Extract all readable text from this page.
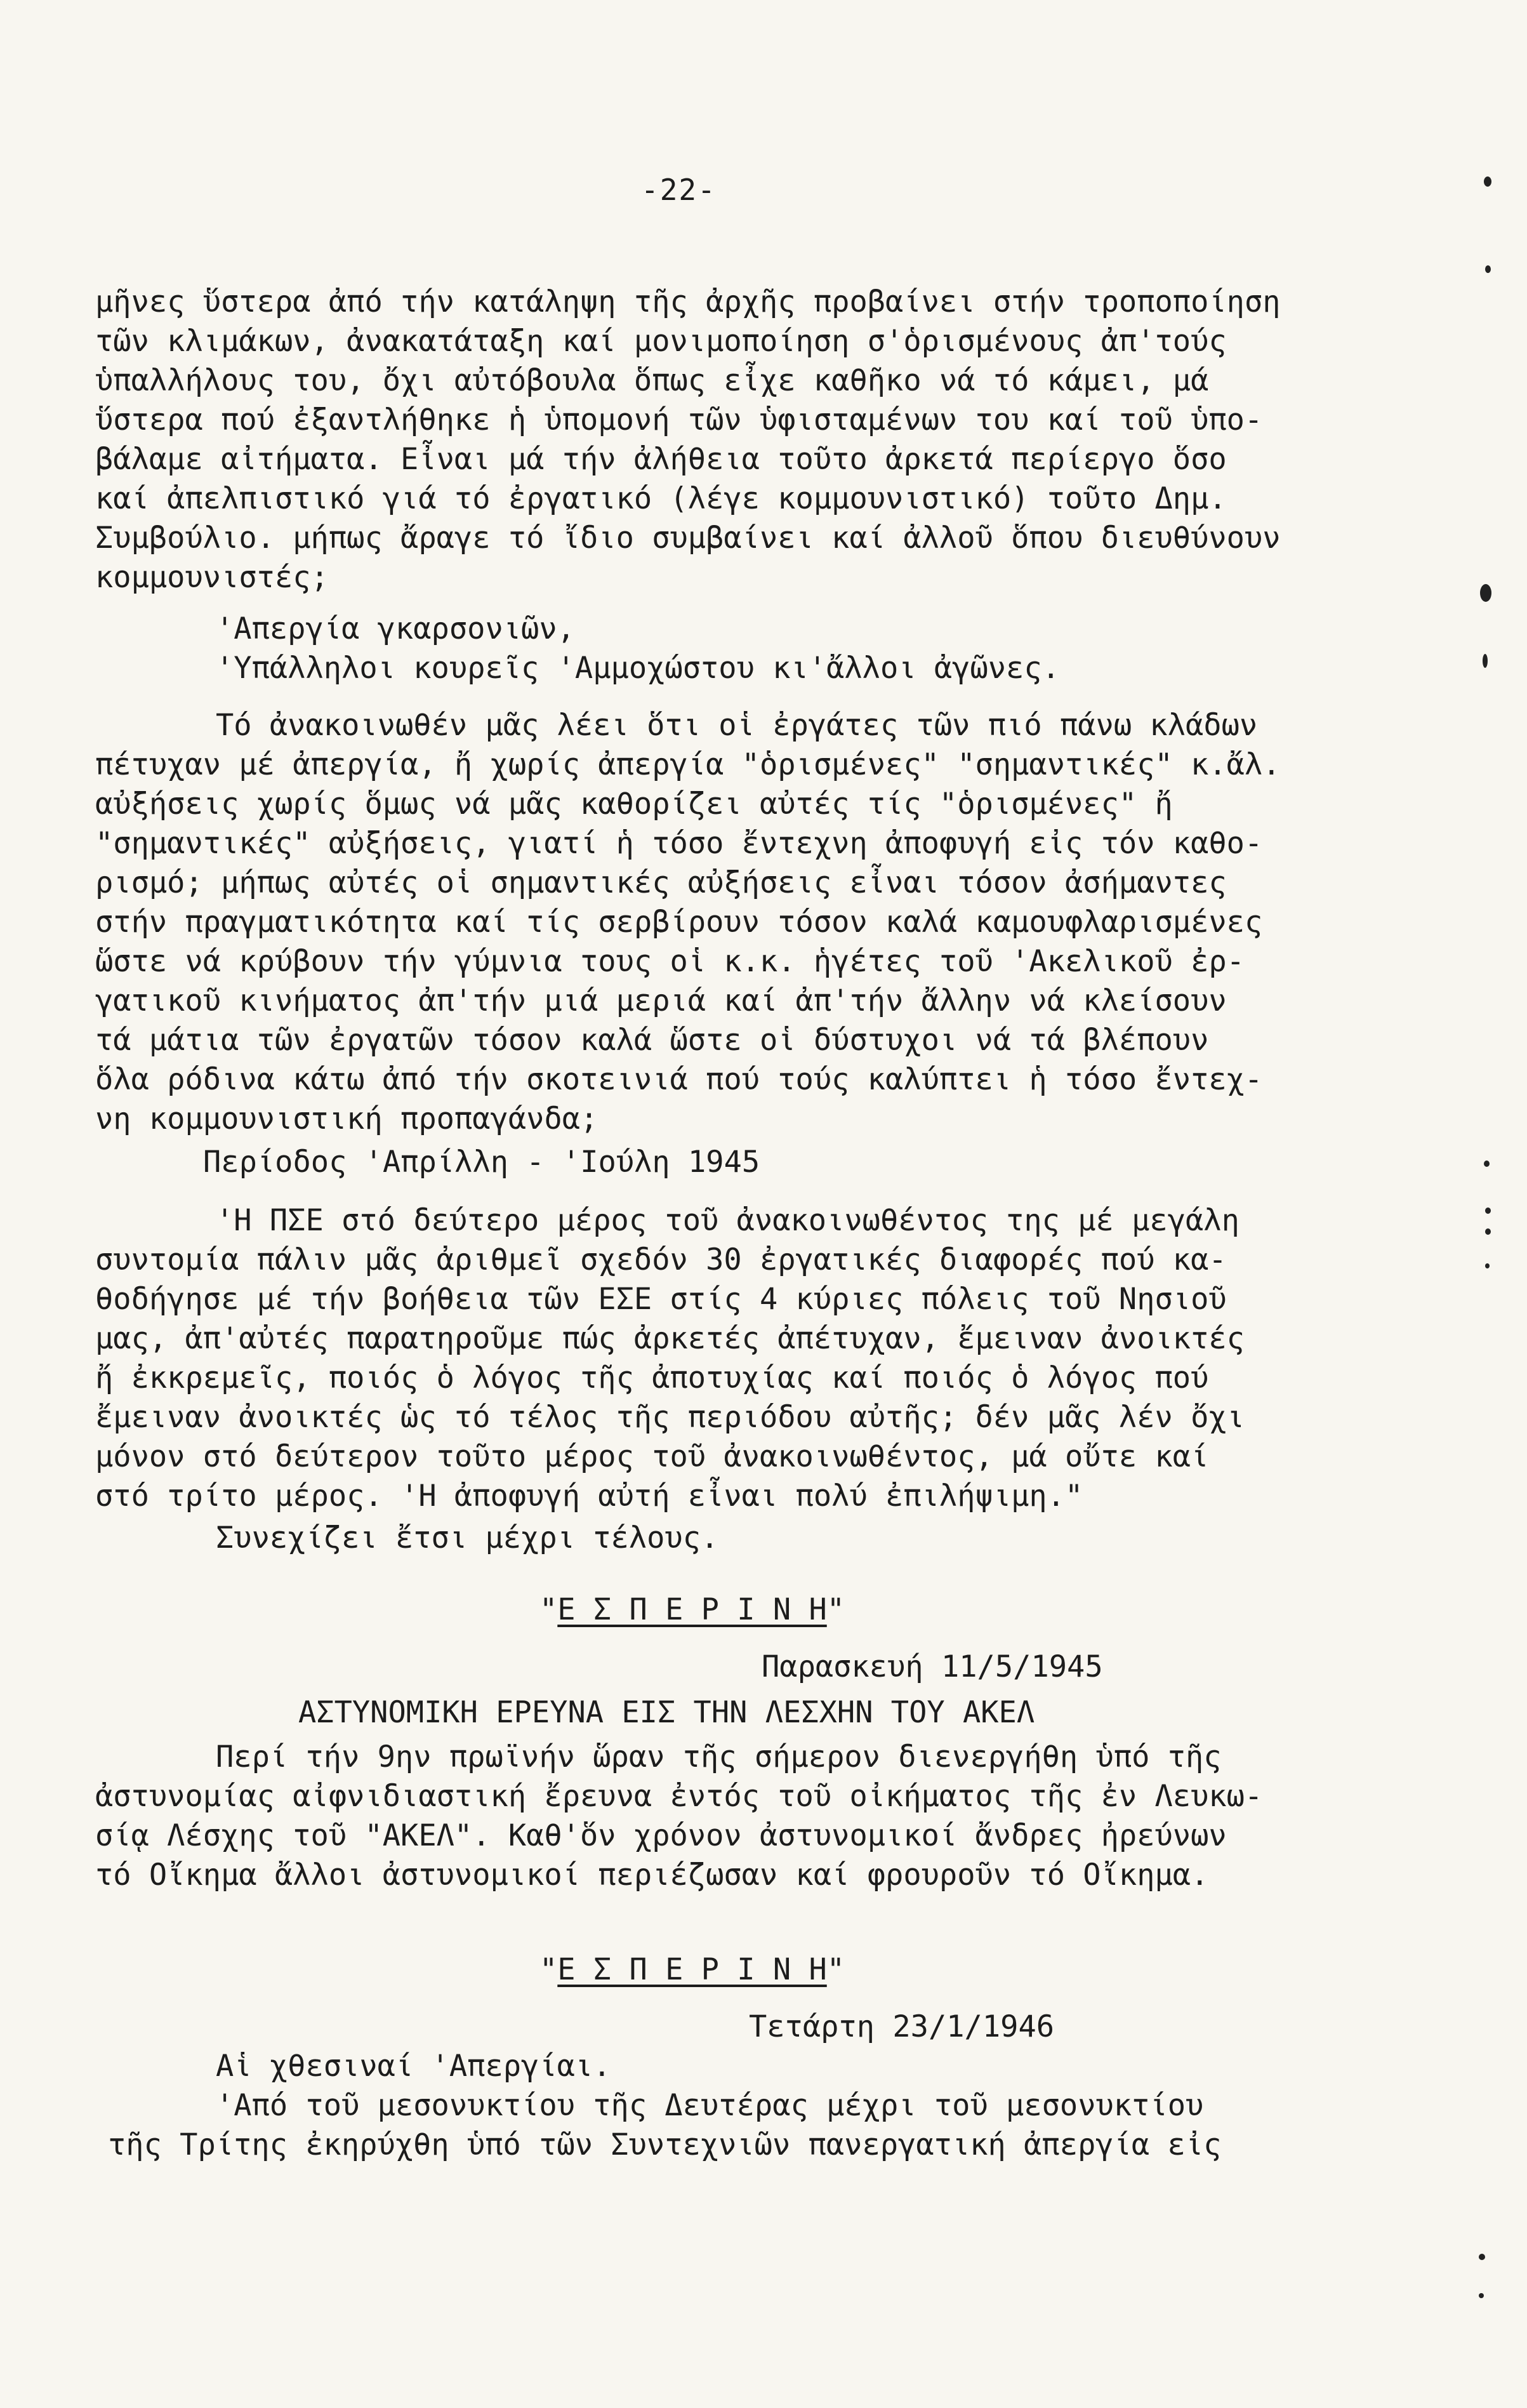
-22-
μῆνες ὕστερα ἀπό τήν κατάληψη τῆς ἀρχῆς προβαίνει στήν τροποποίηση
τῶν κλιμάκων, ἀνακατάταξη καί μονιμοποίηση σ'ὁρισμένους ἀπ'τούς
ὑπαλλήλους του, ὄχι αὐτόβουλα ὅπως εἶχε καθῆκο νά τό κάμει, μά
ὕστερα πού ἐξαντλήθηκε ἡ ὑπομονή τῶν ὑφισταμένων του καί τοῦ ὑπο-
βάλαμε αἰτήματα. Εἶναι μά τήν ἀλήθεια τοῦτο ἀρκετά περίεργο ὅσο
καί ἀπελπιστικό γιά τό ἐργατικό (λέγε κομμουνιστικό) τοῦτο Δημ.
Συμβούλιο. μήπως ἄραγε τό ἴδιο συμβαίνει καί ἀλλοῦ ὅπου διευθύνουν
κομμουνιστές;
'Απεργία γκαρσονιῶν,
'Υπάλληλοι κουρεῖς 'Αμμοχώστου κι'ἄλλοι ἀγῶνες.
Τό ἀνακοινωθέν μᾶς λέει ὅτι οἱ ἐργάτες τῶν πιό πάνω κλάδων
πέτυχαν μέ ἀπεργία, ἤ χωρίς ἀπεργία "ὁρισμένες" "σημαντικές" κ.ἄλ.
αὐξήσεις χωρίς ὅμως νά μᾶς καθορίζει αὐτές τίς "ὁρισμένες" ἤ
"σημαντικές" αὐξήσεις, γιατί ἡ τόσο ἔντεχνη ἀποφυγή εἰς τόν καθο-
ρισμό; μήπως αὐτές οἱ σημαντικές αὐξήσεις εἶναι τόσον ἀσήμαντες
στήν πραγματικότητα καί τίς σερβίρουν τόσον καλά καμουφλαρισμένες
ὥστε νά κρύβουν τήν γύμνια τους οἱ κ.κ. ἡγέτες τοῦ 'Ακελικοῦ ἐρ-
γατικοῦ κινήματος ἀπ'τήν μιά μεριά καί ἀπ'τήν ἄλλην νά κλείσουν
τά μάτια τῶν ἐργατῶν τόσον καλά ὥστε οἱ δύστυχοι νά τά βλέπουν
ὅλα ρόδινα κάτω ἀπό τήν σκοτεινιά πού τούς καλύπτει ἡ τόσο ἔντεχ-
νη κομμουνιστική προπαγάνδα;
Περίοδος 'Απρίλλη - 'Ιούλη 1945
'Η ΠΣΕ στό δεύτερο μέρος τοῦ ἀνακοινωθέντος της μέ μεγάλη
συντομία πάλιν μᾶς ἀριθμεῖ σχεδόν 30 ἐργατικές διαφορές πού κα-
θοδήγησε μέ τήν βοήθεια τῶν ΕΣΕ στίς 4 κύριες πόλεις τοῦ Νησιοῦ
μας, ἀπ'αὐτές παρατηροῦμε πώς ἀρκετές ἀπέτυχαν, ἔμειναν ἀνοικτές
ἤ ἐκκρεμεῖς, ποιός ὁ λόγος τῆς ἀποτυχίας καί ποιός ὁ λόγος πού
ἔμειναν ἀνοικτές ὡς τό τέλος τῆς περιόδου αὐτῆς; δέν μᾶς λέν ὄχι
μόνον στό δεύτερον τοῦτο μέρος τοῦ ἀνακοινωθέντος, μά οὔτε καί
στό τρίτο μέρος. 'Η ἀποφυγή αὐτή εἶναι πολύ ἐπιλήψιμη."
Συνεχίζει ἔτσι μέχρι τέλους.
"Ε Σ Π Ε Ρ Ι Ν Η"
Παρασκευή 11/5/1945
ΑΣΤΥΝΟΜΙΚΗ ΕΡΕΥΝΑ ΕΙΣ ΤΗΝ ΛΕΣΧΗΝ ΤΟΥ ΑΚΕΛ
Περί τήν 9ην πρωϊνήν ὥραν τῆς σήμερον διενεργήθη ὑπό τῆς
ἀστυνομίας αἰφνιδιαστική ἔρευνα ἐντός τοῦ οἰκήματος τῆς ἐν Λευκω-
σίᾳ Λέσχης τοῦ "ΑΚΕΛ". Καθ'ὅν χρόνον ἀστυνομικοί ἄνδρες ἠρεύνων
τό Οἴκημα ἄλλοι ἀστυνομικοί περιέζωσαν καί φρουροῦν τό Οἴκημα.
"Ε Σ Π Ε Ρ Ι Ν Η"
Τετάρτη 23/1/1946
Αἱ χθεσιναί 'Απεργίαι.
'Από τοῦ μεσονυκτίου τῆς Δευτέρας μέχρι τοῦ μεσονυκτίου
τῆς Τρίτης ἐκηρύχθη ὑπό τῶν Συντεχνιῶν πανεργατική ἀπεργία εἰς
